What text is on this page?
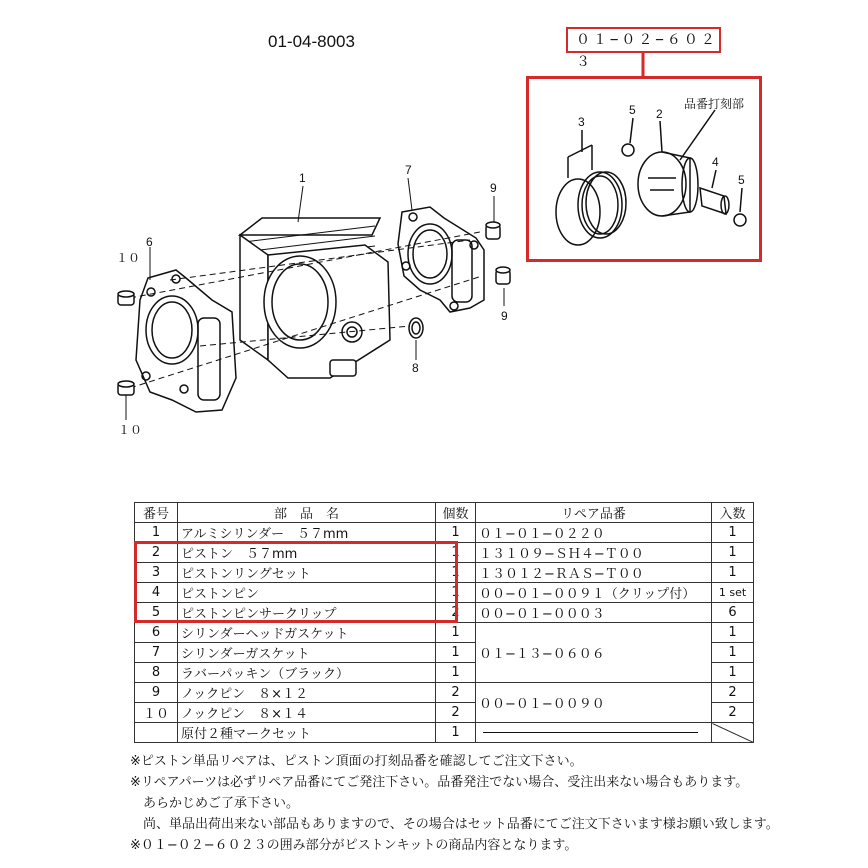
01-04-8003	０１−０２−６０２３
1
6
7
9
9
8
１０
１０
3
5 2
4
5
品番打刻部
番号	部　品　名	個数	リペア品番	入数
1	アルミシリンダー　５７mm	1	０１−０１−０２２０	1
2	ピストン　５７mm	1	１３１０９−ＳＨ４−Ｔ００	1
3	ピストンリングセット	1	１３０１２−ＲＡＳ−Ｔ００	1
4	ピストンピン	1	００−０１−００９１（クリップ付）	1 set
5	ピストンピンサークリップ	2	００−０１−０００３	6
6	シリンダーヘッドガスケット	1	０１−１３−０６０６	1
7	シリンダーガスケット	1		1
8	ラバーパッキン（ブラック）	1		1
9	ノックピン　８×１２	2	００−０１−００９０	2
１０	ノックピン　８×１４	2		2
	原付２種マークセット	1	

※ピストン単品リペアは、ピストン頂面の打刻品番を確認してご注文下さい。
※リペアパーツは必ずリペア品番にてご発注下さい。品番発注でない場合、受注出来ない場合もあります。
あらかじめご了承下さい。
尚、単品出荷出来ない部品もありますので、その場合はセット品番にてご注文下さいます様お願い致します。
※０１−０２−６０２３の囲み部分がピストンキットの商品内容となります。
